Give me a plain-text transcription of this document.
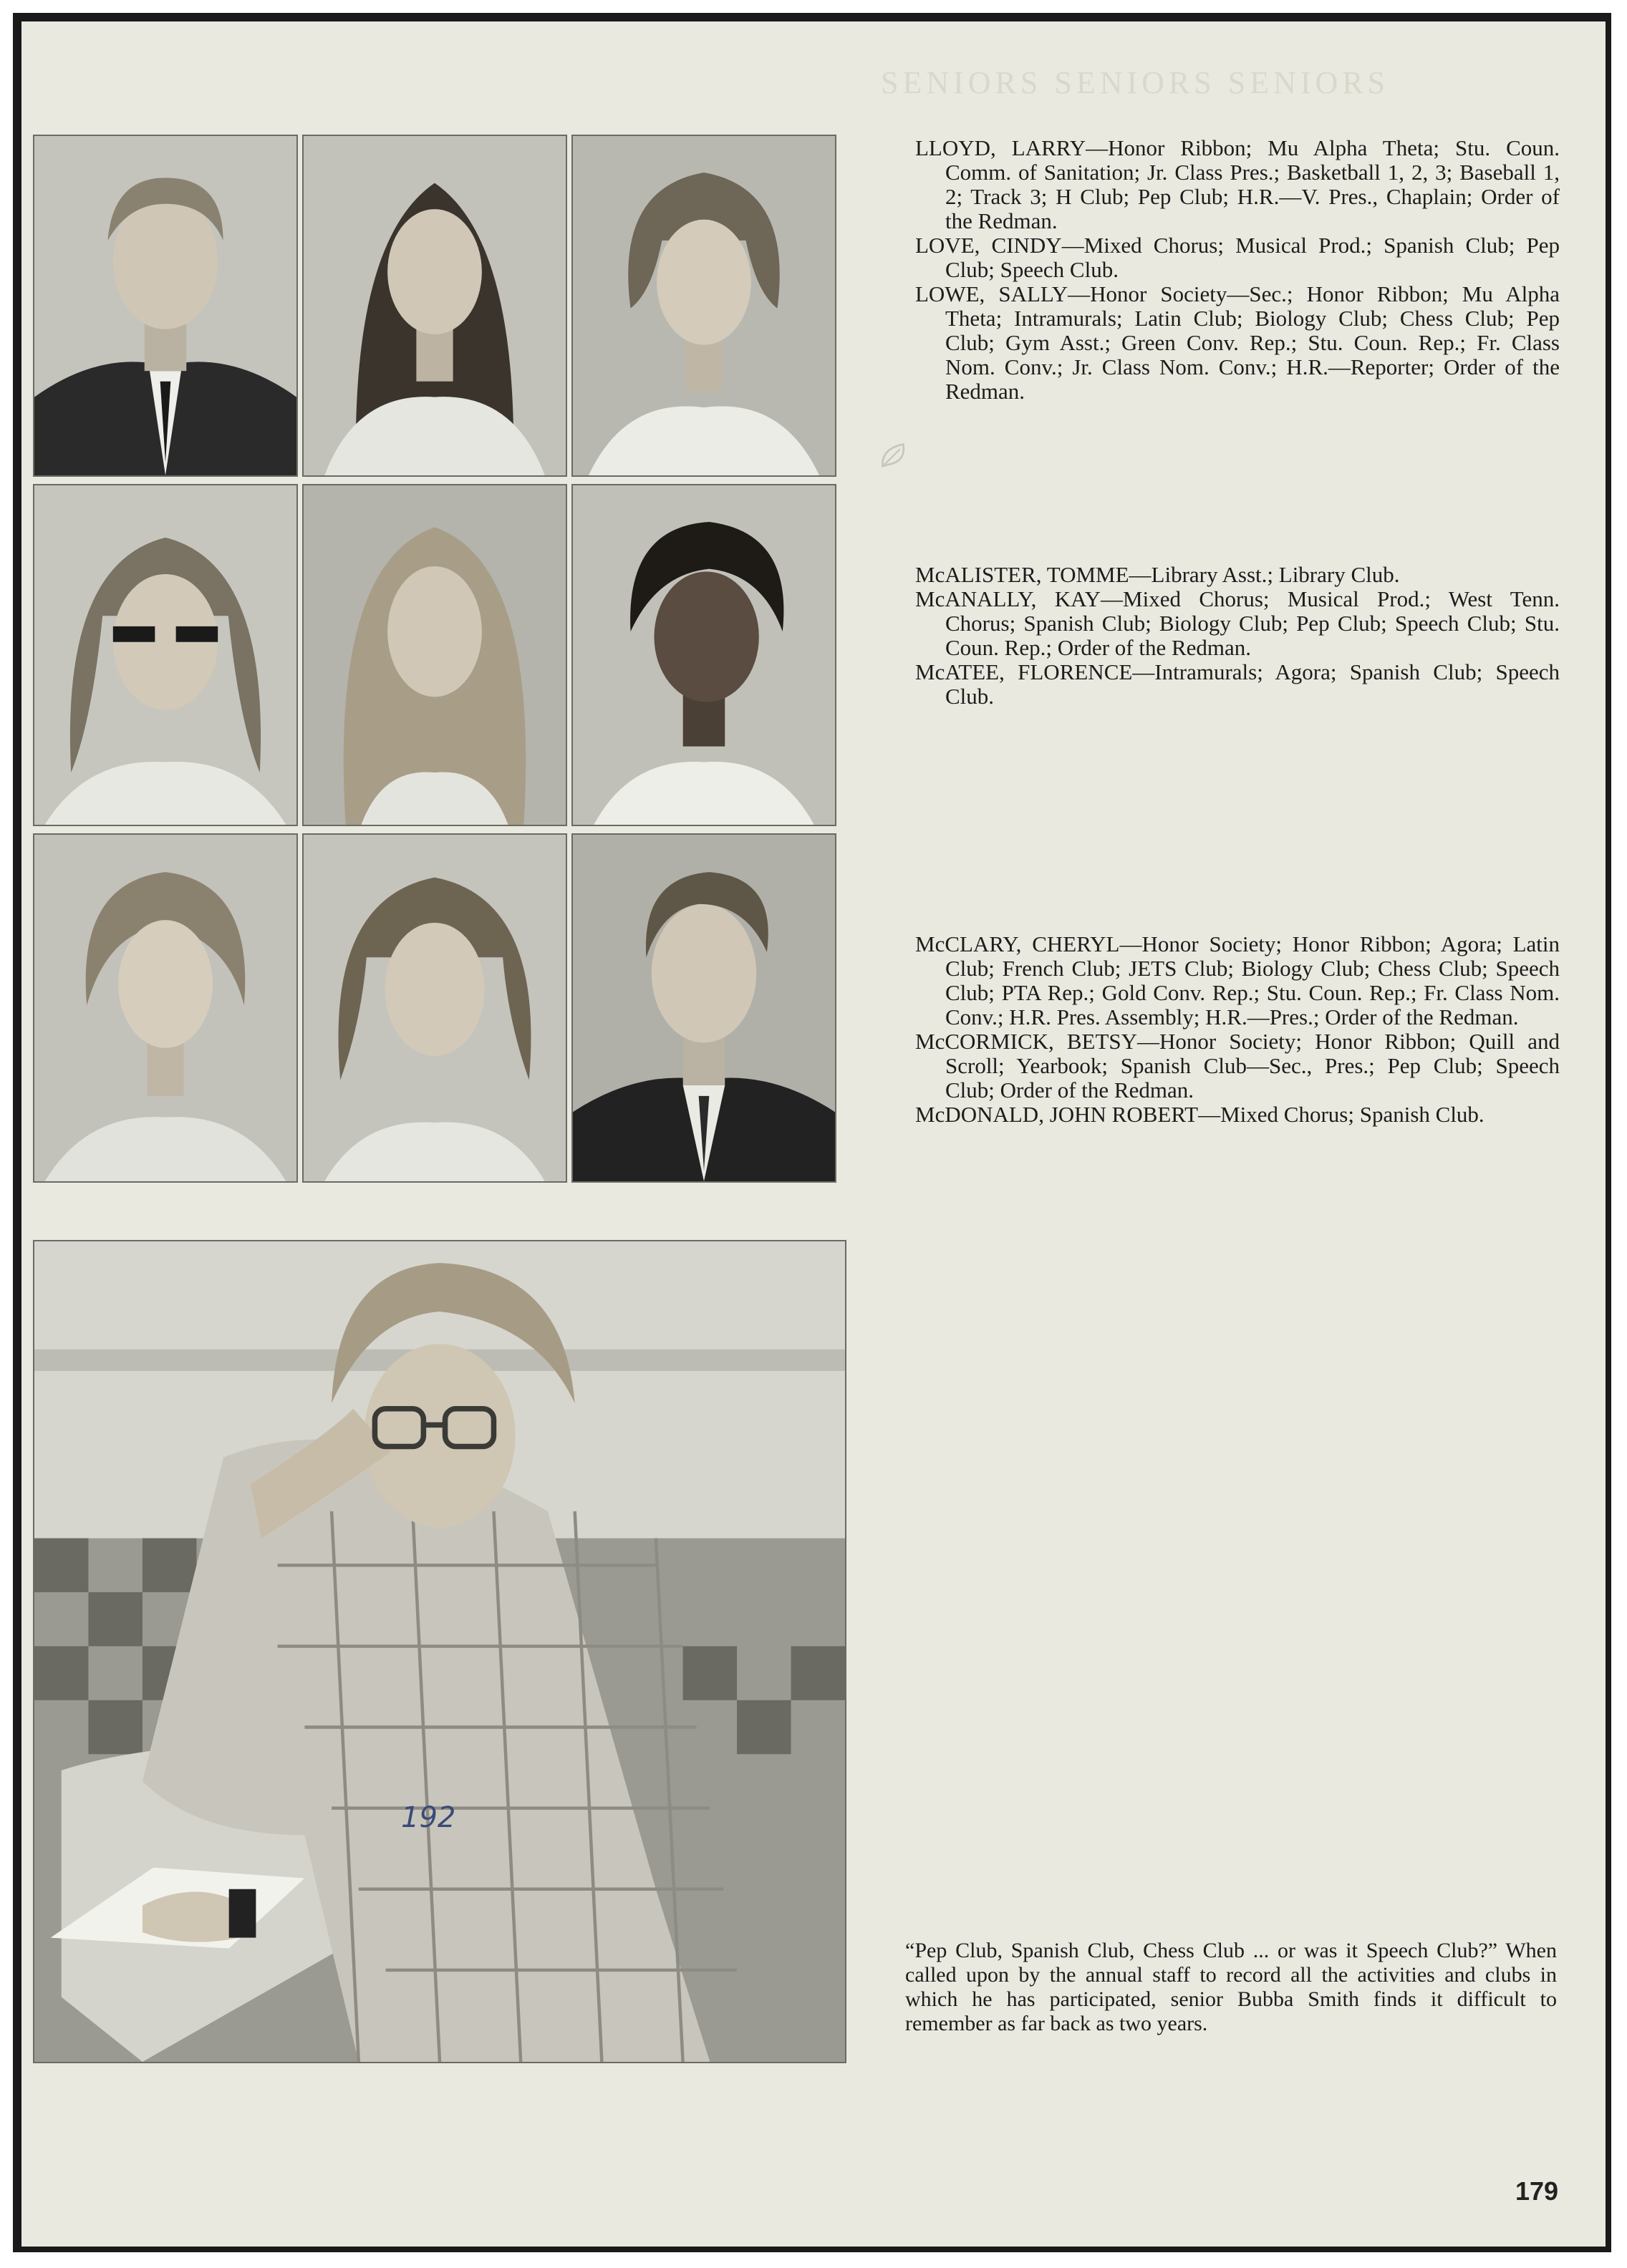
SENIORS SENIORS SENIORS
LLOYD, LARRY—Honor Ribbon; Mu Alpha Theta; Stu. Coun. Comm. of Sanitation; Jr. Class Pres.; Basketball 1, 2, 3; Baseball 1, 2; Track 3; H Club; Pep Club; H.R.—V. Pres., Chaplain; Order of the Redman.
LOVE, CINDY—Mixed Chorus; Musical Prod.; Spanish Club; Pep Club; Speech Club.
LOWE, SALLY—Honor Society—Sec.; Honor Ribbon; Mu Alpha Theta; Intramurals; Latin Club; Biology Club; Chess Club; Pep Club; Gym Asst.; Green Conv. Rep.; Stu. Coun. Rep.; Fr. Class Nom. Conv.; Jr. Class Nom. Conv.; H.R.—Reporter; Order of the Redman.
McALISTER, TOMME—Library Asst.; Library Club.
McANALLY, KAY—Mixed Chorus; Musical Prod.; West Tenn. Chorus; Spanish Club; Biology Club; Pep Club; Speech Club; Stu. Coun. Rep.; Order of the Redman.
McATEE, FLORENCE—Intramurals; Agora; Spanish Club; Speech Club.
McCLARY, CHERYL—Honor Society; Honor Ribbon; Agora; Latin Club; French Club; JETS Club; Biology Club; Chess Club; Speech Club; PTA Rep.; Gold Conv. Rep.; Stu. Coun. Rep.; Fr. Class Nom. Conv.; H.R. Pres. Assembly; H.R.—Pres.; Order of the Redman.
McCORMICK, BETSY—Honor Society; Honor Ribbon; Quill and Scroll; Yearbook; Spanish Club—Sec., Pres.; Pep Club; Speech Club; Order of the Redman.
McDONALD, JOHN ROBERT—Mixed Chorus; Spanish Club.
“Pep Club, Spanish Club, Chess Club ... or was it Speech Club?” When called upon by the annual staff to record all the activities and clubs in which he has participated, senior Bubba Smith finds it difficult to remember as far back as two years.
192
179
